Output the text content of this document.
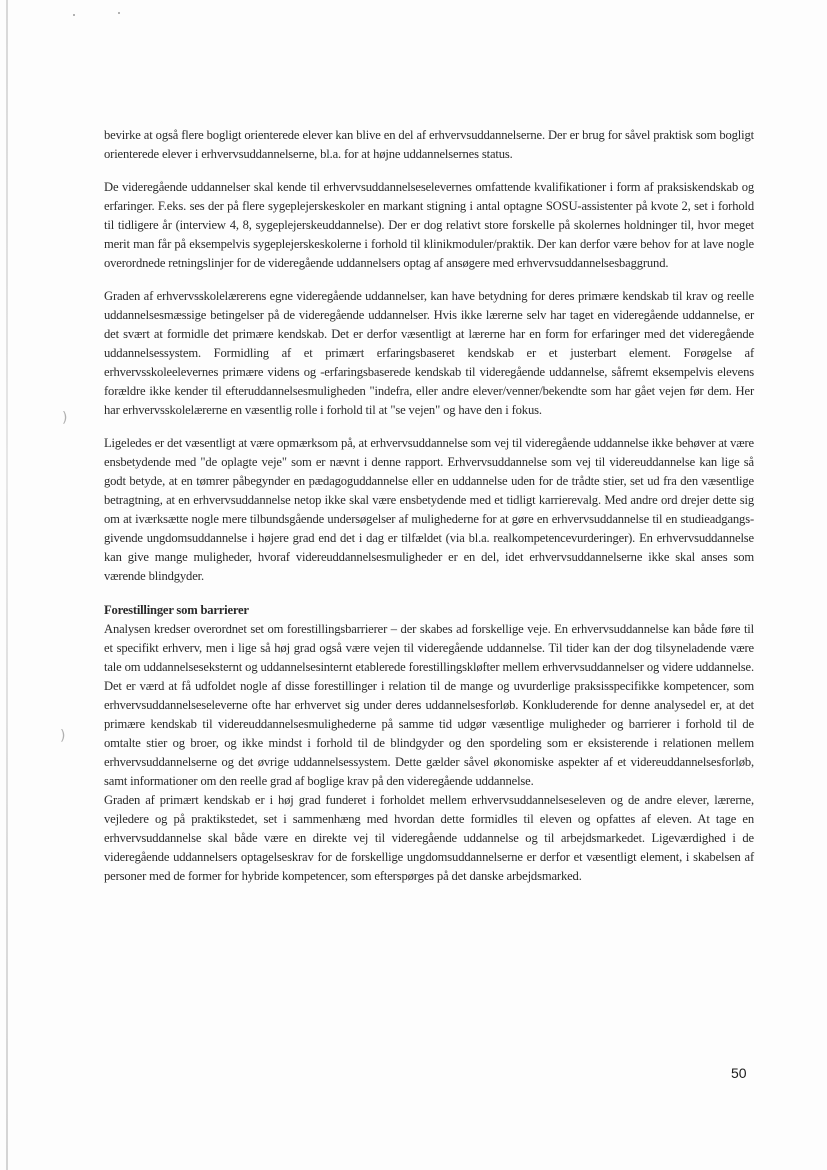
)
)

bevirke at også flere bogligt orienterede elever kan blive en del af erhvervsuddannelserne. Der er brug for såvel praktisk som bogligt orienterede elever i erhvervsuddannelserne, bl.a. for at højne uddannelsernes status.

De videregående uddannelser skal kende til erhvervsuddannelseselevernes omfattende kvalifikationer i form af praksiskendskab og erfaringer. F.eks. ses der på flere sygeplejerskeskoler en markant stigning i antal optagne SOSU-assistenter på kvote 2, set i forhold til tidligere år (interview 4, 8, sygeplejerskeuddannelse). Der er dog relativt store forskelle på skolernes holdninger til, hvor meget merit man får på eksempelvis sygeplejerskeskolerne i forhold til klinikmoduler/praktik. Der kan derfor være behov for at lave nogle overordnede retningslinjer for de videregående uddannelsers optag af ansøgere med erhvervsuddannelsesbaggrund.

Graden af erhvervsskolelærerens egne videregående uddannelser, kan have betydning for deres primære kendskab til krav og reelle uddannelsesmæssige betingelser på de videregående uddannelser. Hvis ikke lærerne selv har taget en videregående uddannelse, er det svært at formidle det primære kendskab. Det er derfor væsentligt at lærerne har en form for erfaringer med det videregående uddannelsessystem. Formidling af et primært erfaringsbaseret kendskab er et justerbart element. Forøgelse af erhvervsskoleelevernes primære videns og -erfaringsbaserede kendskab til videregående uddannelse, såfremt eksempelvis elevens forældre ikke kender til efteruddannelsesmuligheden "indefra, eller andre elever/venner/bekendte som har gået vejen før dem. Her har erhvervsskolelærerne en væsentlig rolle i forhold til at "se vejen" og have den i fokus.

Ligeledes er det væsentligt at være opmærksom på, at erhvervsuddannelse som vej til videregående uddannelse ikke behøver at være ensbetydende med "de oplagte veje" som er nævnt i denne rapport. Erhvervsuddannelse som vej til videreuddannelse kan lige så godt betyde, at en tømrer påbegynder en pædagoguddannelse eller en uddannelse uden for de trådte stier, set ud fra den væsentlige betragtning, at en erhvervsuddannelse netop ikke skal være ensbetydende med et tidligt karrierevalg. Med andre ord drejer dette sig om at iværksætte nogle mere tilbundsgående undersøgelser af mulighederne for at gøre en erhvervsuddannelse til en studieadgangs-givende ungdomsuddannelse i højere grad end det i dag er tilfældet (via bl.a. realkompetencevurderinger). En erhvervsuddannelse kan give mange muligheder, hvoraf videreuddannelsesmuligheder er en del, idet erhvervsuddannelserne ikke skal anses som værende blindgyder.

Forestillinger som barrierer

Analysen kredser overordnet set om forestillingsbarrierer – der skabes ad forskellige veje. En erhvervsuddannelse kan både føre til et specifikt erhverv, men i lige så høj grad også være vejen til videregående uddannelse. Til tider kan der dog tilsyneladende være tale om uddannelseseksternt og uddannelsesinternt etablerede forestillingskløfter mellem erhvervsuddannelser og videre uddannelse. Det er værd at få udfoldet nogle af disse forestillinger i relation til de mange og uvurderlige praksisspecifikke kompetencer, som erhvervsuddannelseseleverne ofte har erhvervet sig under deres uddannelsesforløb. Konkluderende for denne analysedel er, at det primære kendskab til videreuddannelsesmulighederne på samme tid udgør væsentlige muligheder og barrierer i forhold til de omtalte stier og broer, og ikke mindst i forhold til de blindgyder og den spordeling som er eksisterende i relationen mellem erhvervsuddannelserne og det øvrige uddannelsessystem. Dette gælder såvel økonomiske aspekter af et videreuddannelsesforløb, samt informationer om den reelle grad af boglige krav på den videregående uddannelse.

Graden af primært kendskab er i høj grad funderet i forholdet mellem erhvervsuddannelseseleven og de andre elever, lærerne, vejledere og på praktikstedet, set i sammenhæng med hvordan dette formidles til eleven og opfattes af eleven. At tage en erhvervsuddannelse skal både være en direkte vej til videregående uddannelse og til arbejdsmarkedet. Ligeværdighed i de videregående uddannelsers optagelseskrav for de forskellige ungdomsuddannelserne er derfor et væsentligt element, i skabelsen af personer med de former for hybride kompetencer, som efterspørges på det danske arbejdsmarked.

50
